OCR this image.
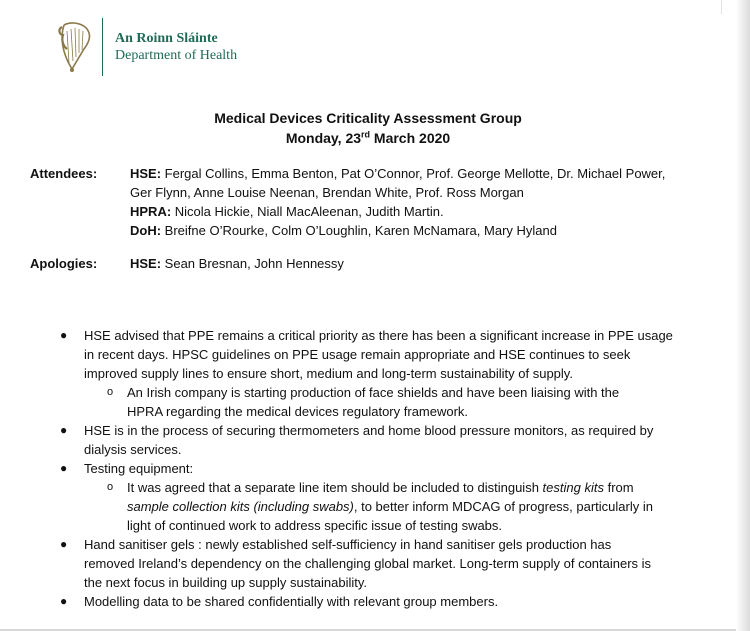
An Roinn Sláinte
Department of Health
Medical Devices Criticality Assessment Group
Monday, 23rd March 2020
Attendees:	HSE: Fergal Collins, Emma Benton, Pat O’Connor, Prof. George Mellotte, Dr. Michael Power,
Ger Flynn, Anne Louise Neenan, Brendan White, Prof. Ross Morgan
HPRA: Nicola Hickie, Niall MacAleenan, Judith Martin.
DoH: Breifne O’Rourke, Colm O’Loughlin, Karen McNamara, Mary Hyland
Apologies:	HSE: Sean Bresnan, John Hennessy
● HSE advised that PPE remains a critical priority as there has been a significant increase in PPE usage
in recent days. HPSC guidelines on PPE usage remain appropriate and HSE continues to seek
improved supply lines to ensure short, medium and long-term sustainability of supply.
o An Irish company is starting production of face shields and have been liaising with the
HPRA regarding the medical devices regulatory framework.
● HSE is in the process of securing thermometers and home blood pressure monitors, as required by
dialysis services.
● Testing equipment:
o It was agreed that a separate line item should be included to distinguish testing kits from
sample collection kits (including swabs), to better inform MDCAG of progress, particularly in
light of continued work to address specific issue of testing swabs.
● Hand sanitiser gels : newly established self-sufficiency in hand sanitiser gels production has
removed Ireland’s dependency on the challenging global market. Long-term supply of containers is
the next focus in building up supply sustainability.
● Modelling data to be shared confidentially with relevant group members.
